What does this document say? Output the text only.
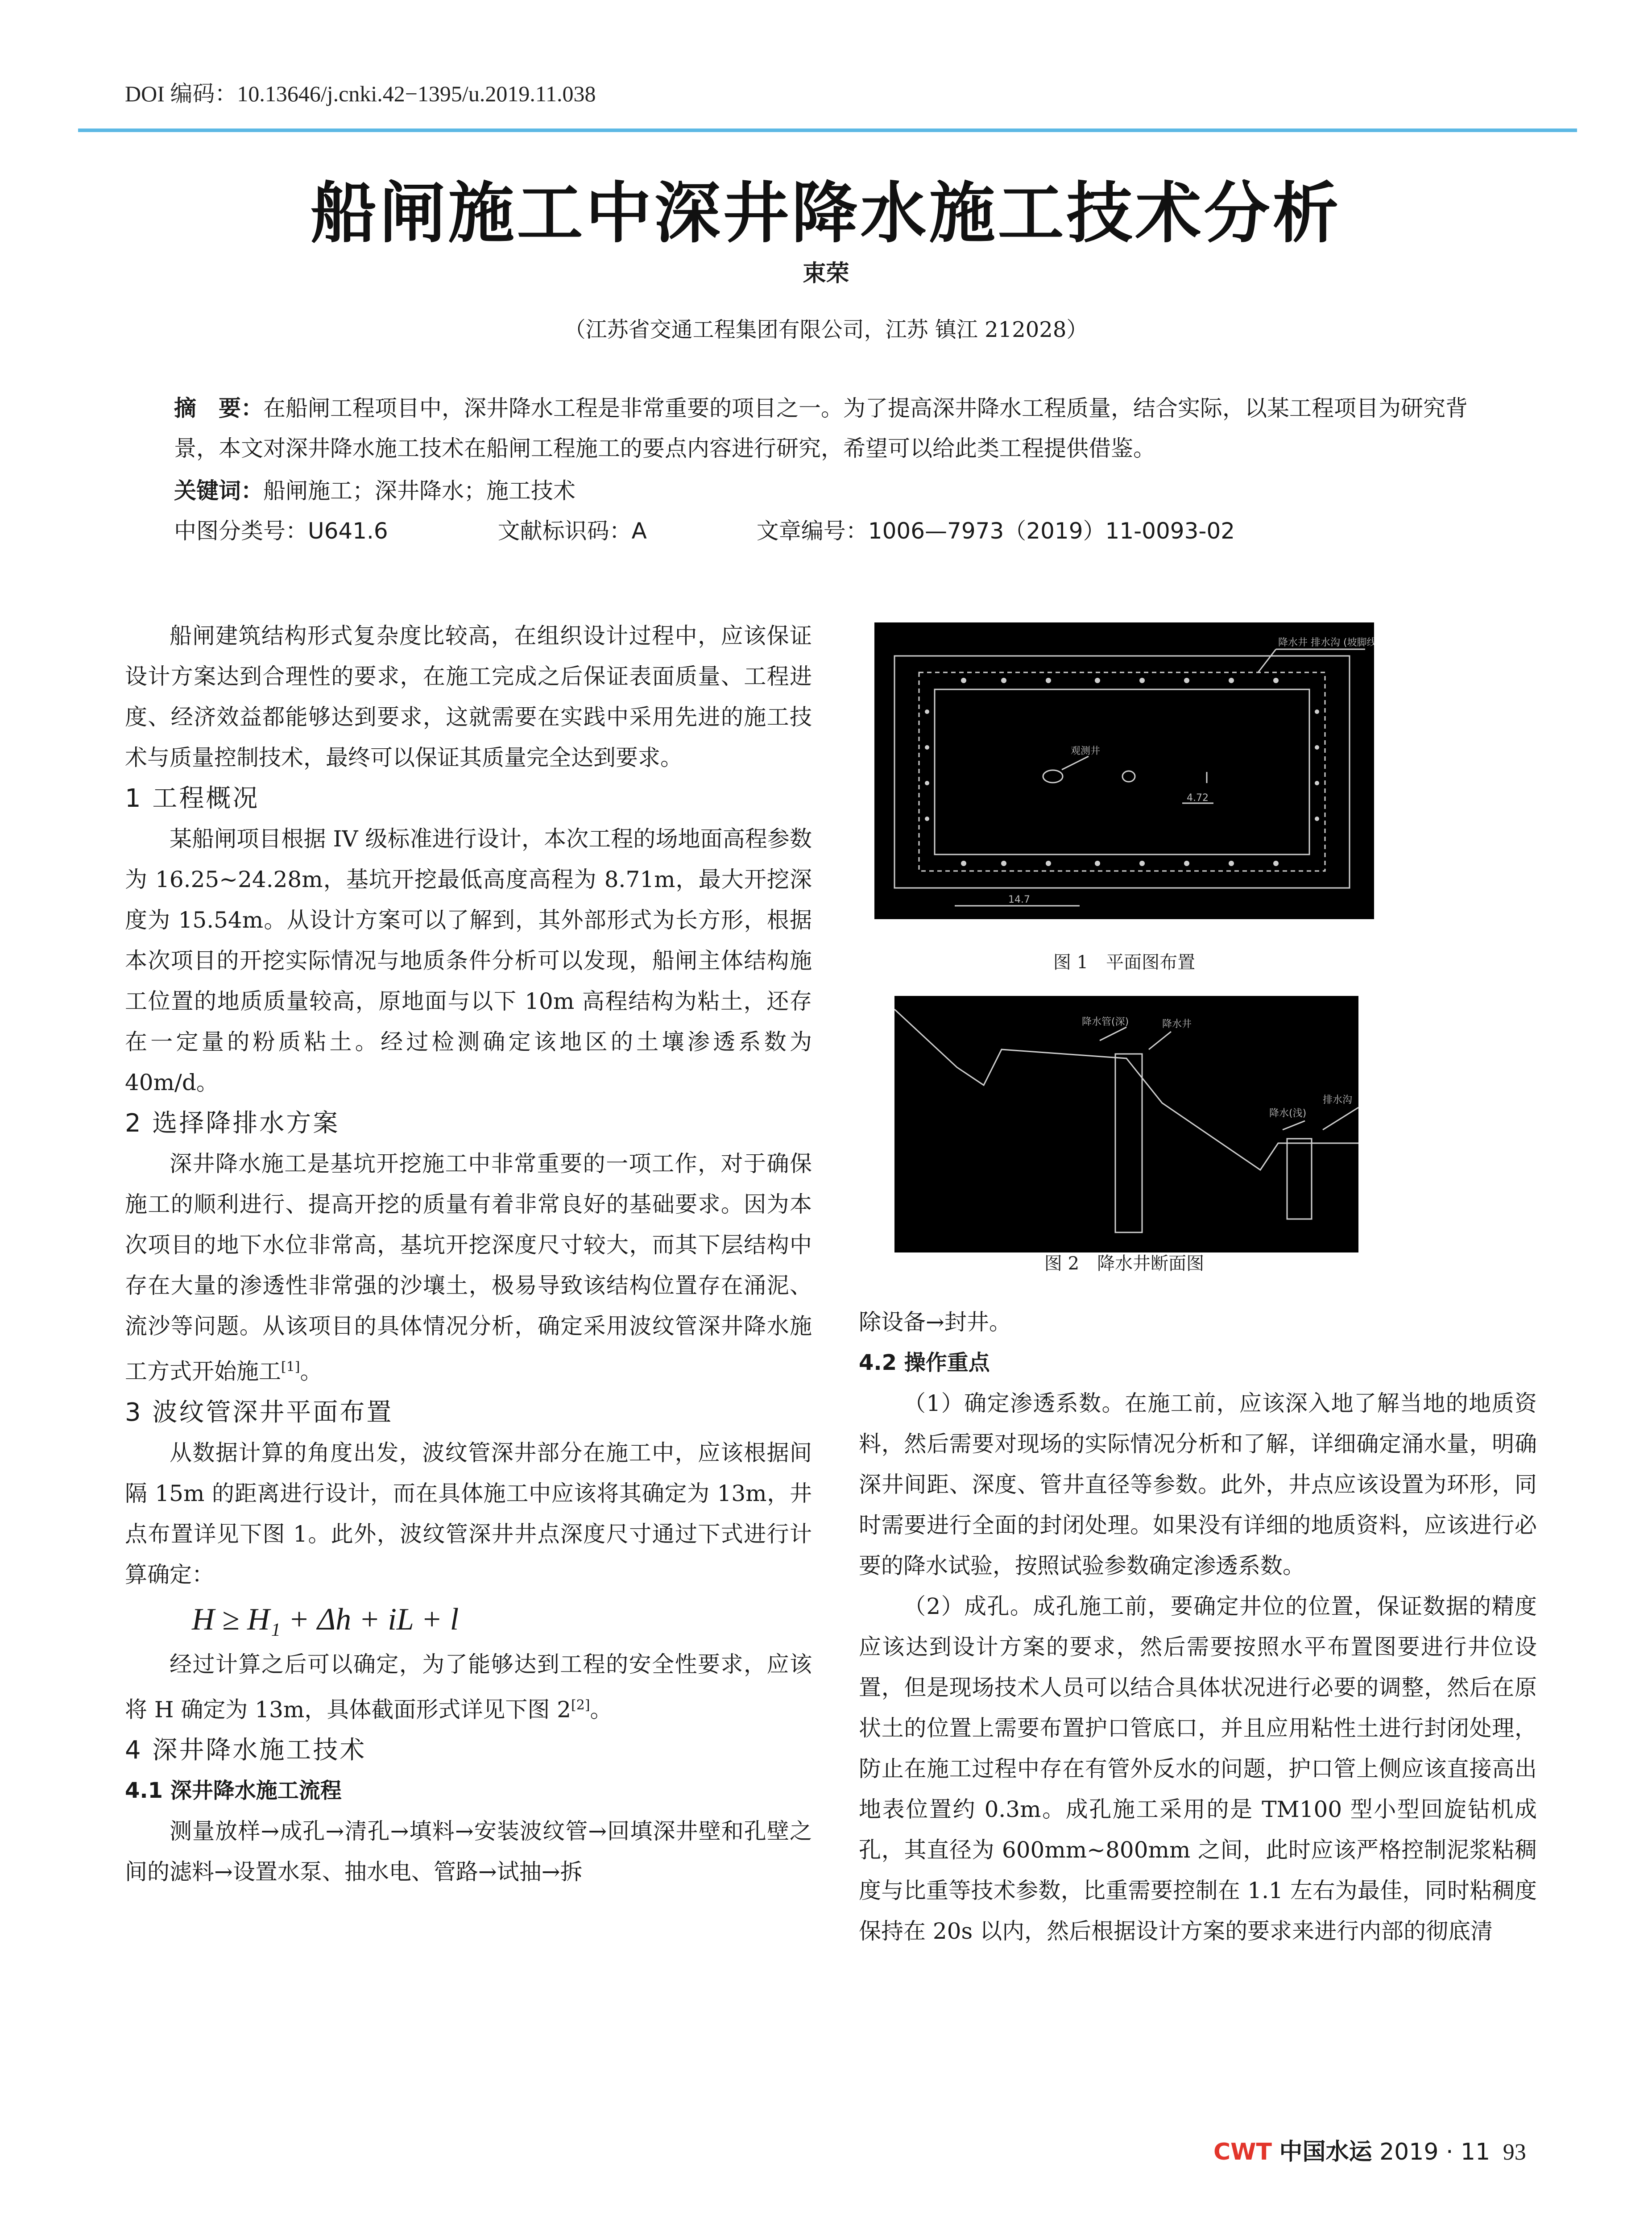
DOI 编码：10.13646/j.cnki.42−1395/u.2019.11.038
船闸施工中深井降水施工技术分析
束荣
（江苏省交通工程集团有限公司，江苏 镇江 212028）
摘　要：在船闸工程项目中，深井降水工程是非常重要的项目之一。为了提高深井降水工程质量，结合实际，以某工程项目为研究背景，本文对深井降水施工技术在船闸工程施工的要点内容进行研究，希望可以给此类工程提供借鉴。
关键词：船闸施工；深井降水；施工技术
中图分类号：U641.6	文献标识码：A	文章编号：1006—7973（2019）11-0093-02

船闸建筑结构形式复杂度比较高，在组织设计过程中，应该保证设计方案达到合理性的要求，在施工完成之后保证表面质量、工程进度、经济效益都能够达到要求，这就需要在实践中采用先进的施工技术与质量控制技术，最终可以保证其质量完全达到要求。

1 工程概况

某船闸项目根据 IV 级标准进行设计，本次工程的场地面高程参数为 16.25~24.28m，基坑开挖最低高度高程为 8.71m，最大开挖深度为 15.54m。从设计方案可以了解到，其外部形式为长方形，根据本次项目的开挖实际情况与地质条件分析可以发现，船闸主体结构施工位置的地质质量较高，原地面与以下 10m 高程结构为粘土，还存在一定量的粉质粘土。经过检测确定该地区的土壤渗透系数为 40m/d。

2 选择降排水方案

深井降水施工是基坑开挖施工中非常重要的一项工作，对于确保施工的顺利进行、提高开挖的质量有着非常良好的基础要求。因为本次项目的地下水位非常高，基坑开挖深度尺寸较大，而其下层结构中存在大量的渗透性非常强的沙壤土，极易导致该结构位置存在涌泥、流沙等问题。从该项目的具体情况分析，确定采用波纹管深井降水施工方式开始施工[1]。

3 波纹管深井平面布置

从数据计算的角度出发，波纹管深井部分在施工中，应该根据间隔 15m 的距离进行设计，而在具体施工中应该将其确定为 13m，井点布置详见下图 1。此外，波纹管深井井点深度尺寸通过下式进行计算确定：

H ≥ H₁ + Δh + iL + l

经过计算之后可以确定，为了能够达到工程的安全性要求，应该将 H 确定为 13m，具体截面形式详见下图 2[2]。

4 深井降水施工技术

4.1 深井降水施工流程

测量放样→成孔→清孔→填料→安装波纹管→回填深井壁和孔壁之间的滤料→设置水泵、抽水电、管路→试抽→拆

降水井 排水沟 (坡脚线)
观测井
4.72
14.7
图 1　平面图布置
降水管(深)	降水井
降水(浅)
排水沟
图 2　降水井断面图

除设备→封井。

4.2 操作重点

（1）确定渗透系数。在施工前，应该深入地了解当地的地质资料，然后需要对现场的实际情况分析和了解，详细确定涌水量，明确深井间距、深度、管井直径等参数。此外，井点应该设置为环形，同时需要进行全面的封闭处理。如果没有详细的地质资料，应该进行必要的降水试验，按照试验参数确定渗透系数。

（2）成孔。成孔施工前，要确定井位的位置，保证数据的精度应该达到设计方案的要求，然后需要按照水平布置图要进行井位设置，但是现场技术人员可以结合具体状况进行必要的调整，然后在原状土的位置上需要布置护口管底口，并且应用粘性土进行封闭处理，防止在施工过程中存在有管外反水的问题，护口管上侧应该直接高出地表位置约 0.3m。成孔施工采用的是 TM100 型小型回旋钻机成孔，其直径为 600mm~800mm 之间，此时应该严格控制泥浆粘稠度与比重等技术参数，比重需要控制在 1.1 左右为最佳，同时粘稠度保持在 20s 以内，然后根据设计方案的要求来进行内部的彻底清

CWT 中国水运 2019 · 11 93
